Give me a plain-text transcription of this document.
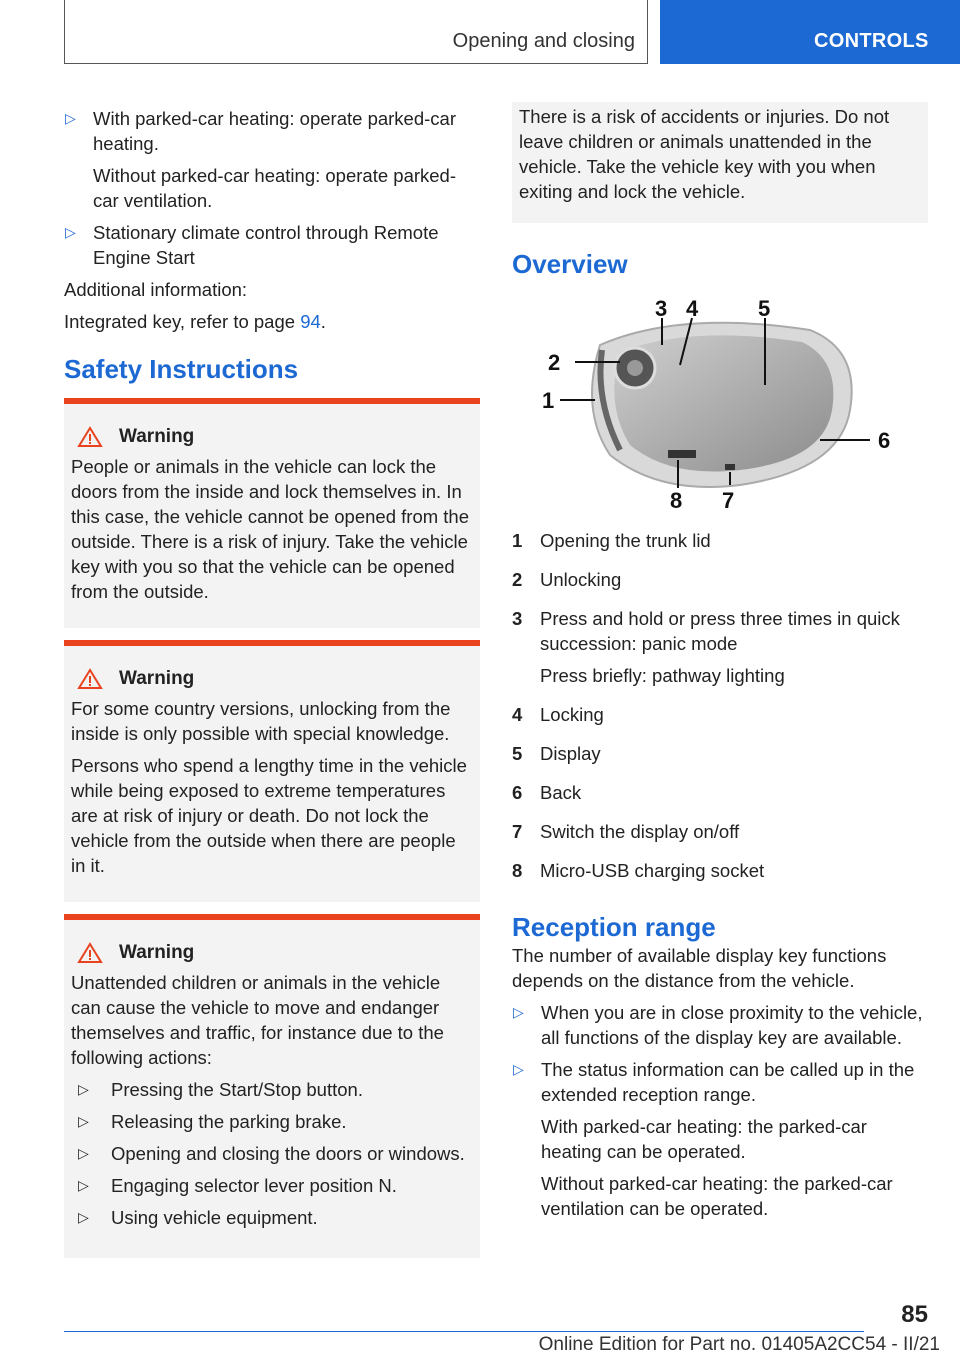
Opening and closing	CONTROLS
▷ With parked-car heating: operate parked-car heating.

Without parked-car heating: operate parked-car ventilation.

▷ Stationary climate control through Remote Engine Start

Additional information:

Integrated key, refer to page 94.

Safety Instructions
Warning

People or animals in the vehicle can lock the doors from the inside and lock themselves in. In this case, the vehicle cannot be opened from the outside. There is a risk of injury. Take the vehicle key with you so that the vehicle can be opened from the outside.

Warning

For some country versions, unlocking from the inside is only possible with special knowledge.

Persons who spend a lengthy time in the vehicle while being exposed to extreme temperatures are at risk of injury or death. Do not lock the vehicle from the outside when there are people in it.

Warning

Unattended children or animals in the vehicle can cause the vehicle to move and endanger themselves and traffic, for instance due to the following actions:

▷ Pressing the Start/Stop button.

▷ Releasing the parking brake.

▷ Opening and closing the doors or windows.

▷ Engaging selector lever position N.

▷ Using vehicle equipment.

There is a risk of accidents or injuries. Do not leave children or animals unattended in the vehicle. Take the vehicle key with you when exiting and lock the vehicle.

Overview
1
2
3 4	5
6
7
8
1 Opening the trunk lid

2 Unlocking

3 Press and hold or press three times in quick succession: panic mode

Press briefly: pathway lighting

4 Locking

5 Display

6 Back

7 Switch the display on/off

8 Micro-USB charging socket

Reception range

The number of available display key functions depends on the distance from the vehicle.

▷ When you are in close proximity to the vehicle, all functions of the display key are available.

▷ The status information can be called up in the extended reception range.

With parked-car heating: the parked-car heating can be operated.

Without parked-car heating: the parked-car ventilation can be operated.

85
Online Edition for Part no. 01405A2CC54 - II/21
